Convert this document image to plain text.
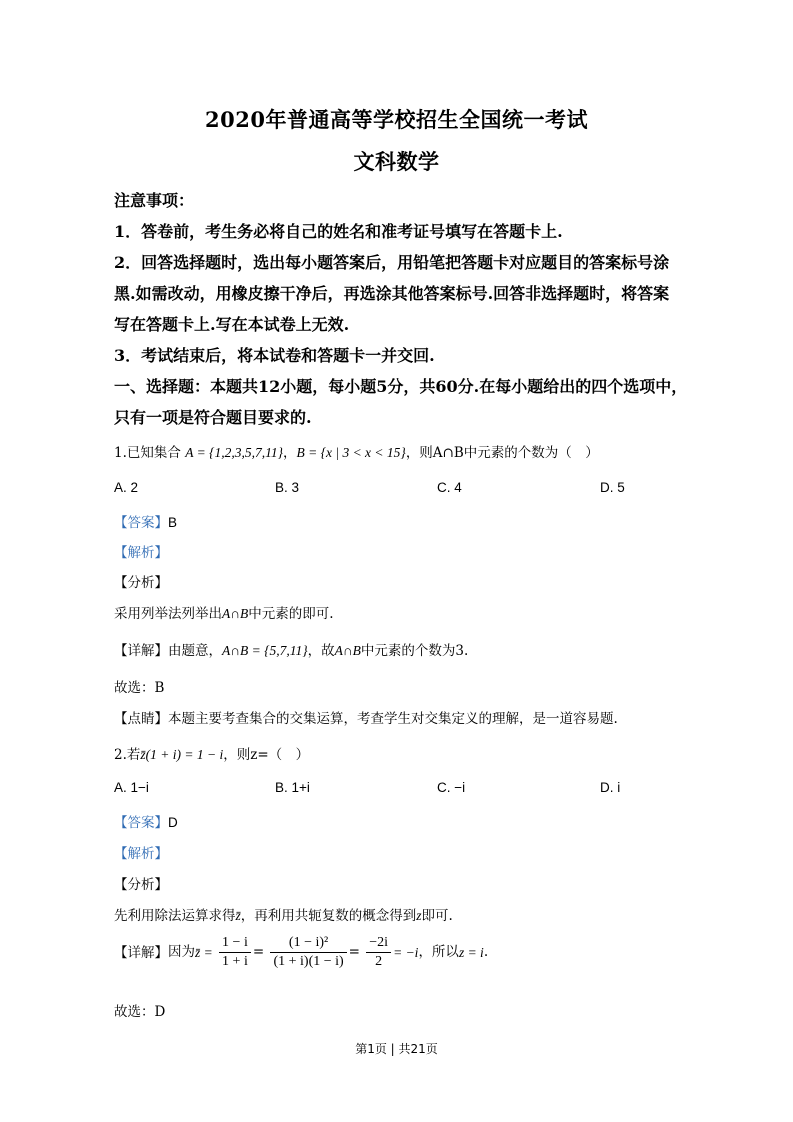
2020年普通高等学校招生全国统一考试
文科数学
注意事项：
1．答卷前，考生务必将自己的姓名和准考证号填写在答题卡上.
2．回答选择题时，选出每小题答案后，用铅笔把答题卡对应题目的答案标号涂
黑.如需改动，用橡皮擦干净后，再选涂其他答案标号.回答非选择题时，将答案
写在答题卡上.写在本试卷上无效.
3．考试结束后，将本试卷和答题卡一并交回.
一、选择题：本题共12小题，每小题5分，共60分.在每小题给出的四个选项中，
只有一项是符合题目要求的.
1.已知集合 A = {1,2,3,5,7,11}，B = {x | 3 < x < 15}，则A∩B中元素的个数为（　）
A. 2	B. 3	C. 4	D. 5
【答案】B
【解析】
【分析】
采用列举法列举出A∩B中元素的即可.
【详解】由题意，A∩B = {5,7,11}，故A∩B中元素的个数为3.
故选：B
【点睛】本题主要考查集合的交集运算，考查学生对交集定义的理解，是一道容易题.
2.若z̄(1 + i) = 1 − i，则z=（　）
A. 1−i	B. 1+i	C. −i	D. i
【答案】D
【解析】
【分析】
先利用除法运算求得z̄，再利用共轭复数的概念得到z即可.
【详解】因为z̄ = $\frac{1 - i}{1 + i} = \frac{\text{(1 − i)²}}{(1 + i)(1 - i)} = \frac{-2i}{2} = -i$，所以z = i.
故选：D
第1页 | 共21页
